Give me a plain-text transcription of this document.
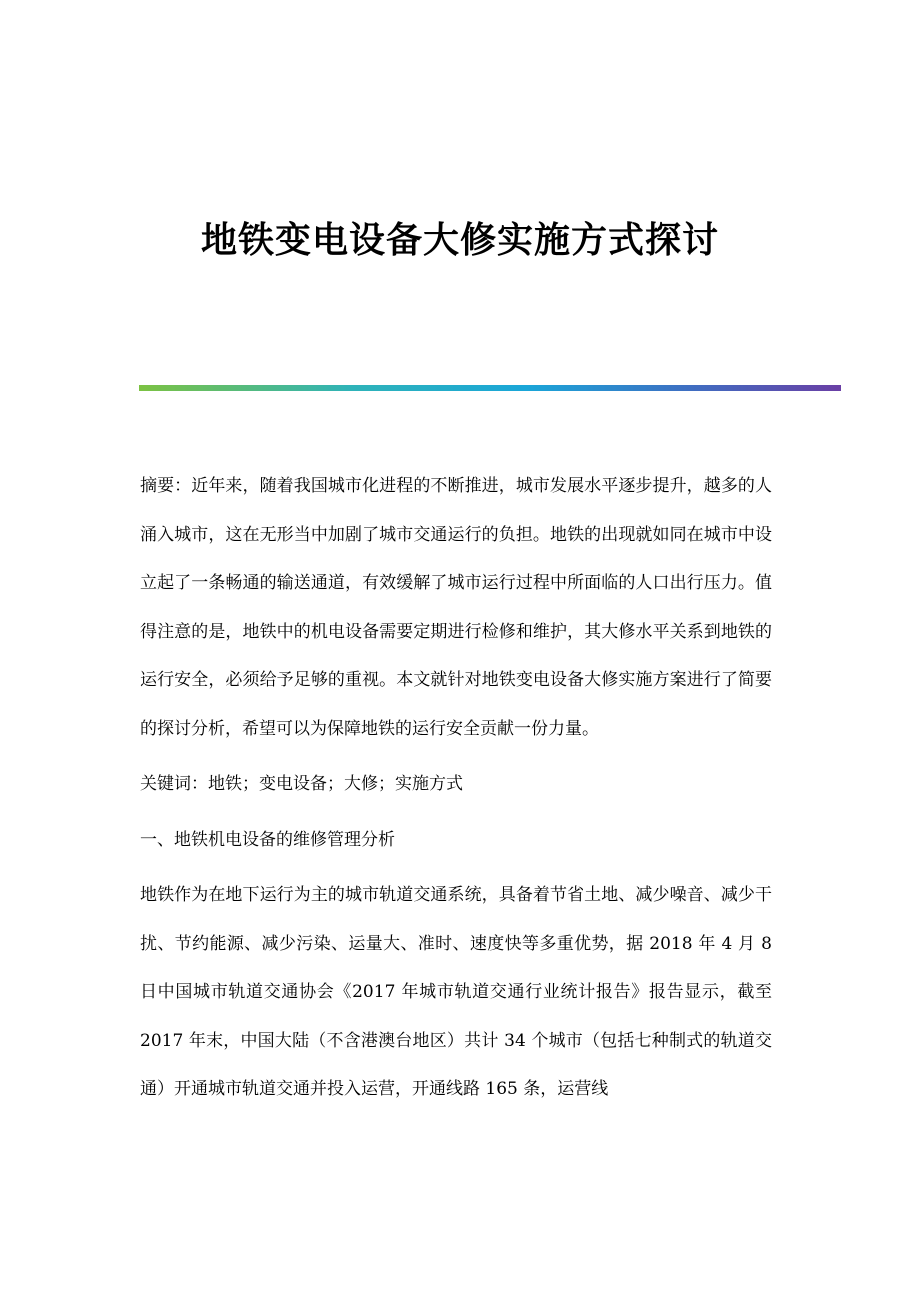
地铁变电设备大修实施方式探讨

摘要：近年来，随着我国城市化进程的不断推进，城市发展水平逐步提升，越多的人涌入城市，这在无形当中加剧了城市交通运行的负担。地铁的出现就如同在城市中设立起了一条畅通的输送通道，有效缓解了城市运行过程中所面临的人口出行压力。值得注意的是，地铁中的机电设备需要定期进行检修和维护，其大修水平关系到地铁的运行安全，必须给予足够的重视。本文就针对地铁变电设备大修实施方案进行了简要的探讨分析，希望可以为保障地铁的运行安全贡献一份力量。

关键词：地铁；变电设备；大修；实施方式

一、地铁机电设备的维修管理分析

地铁作为在地下运行为主的城市轨道交通系统，具备着节省土地、减少噪音、减少干扰、节约能源、减少污染、运量大、准时、速度快等多重优势，据 2018 年 4 月 8 日中国城市轨道交通协会《2017 年城市轨道交通行业统计报告》报告显示，截至 2017 年末，中国大陆（不含港澳台地区）共计 34 个城市（包括七种制式的轨道交通）开通城市轨道交通并投入运营，开通线路 165 条，运营线
